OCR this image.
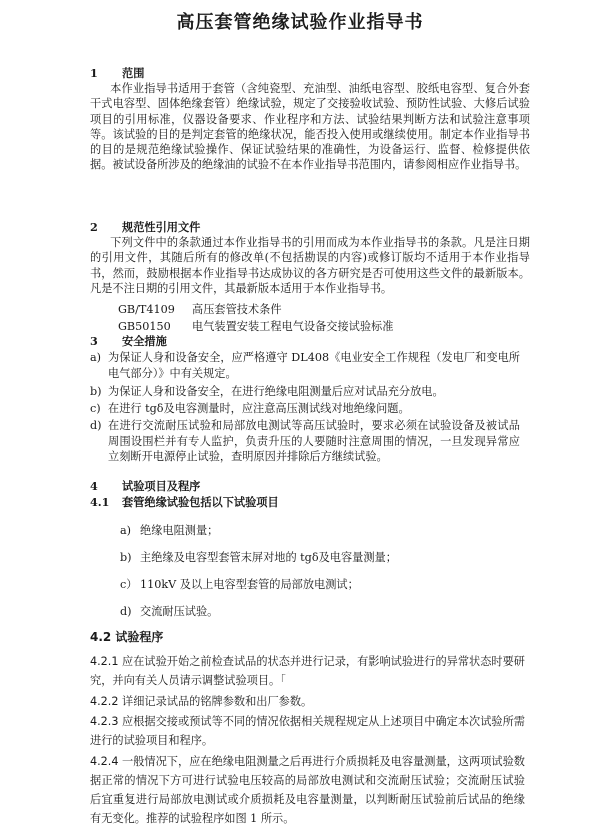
高压套管绝缘试验作业指导书
1 范围
本作业指导书适用于套管（含纯瓷型、充油型、油纸电容型、胶纸电容型、复合外套干式电容型、固体绝缘套管）绝缘试验，规定了交接验收试验、预防性试验、大修后试验项目的引用标准，仪器设备要求、作业程序和方法、试验结果判断方法和试验注意事项等。该试验的目的是判定套管的绝缘状况，能否投入使用或继续使用。制定本作业指导书的目的是规范绝缘试验操作、保证试验结果的准确性，为设备运行、监督、检修提供依据。被试设备所涉及的绝缘油的试验不在本作业指导书范围内，请参阅相应作业指导书。
2 规范性引用文件
下列文件中的条款通过本作业指导书的引用而成为本作业指导书的条款。凡是注日期的引用文件，其随后所有的修改单(不包括勘误的内容)或修订版均不适用于本作业指导书，然而，鼓励根据本作业指导书达成协议的各方研究是否可使用这些文件的最新版本。凡是不注日期的引用文件，其最新版本适用于本作业指导书。
GB/T4109 高压套管技术条件
GB50150 电气装置安装工程电气设备交接试验标准
3 安全措施
a) 为保证人身和设备安全，应严格遵守 DL408《电业安全工作规程（发电厂和变电所电气部分）》中有关规定。
b) 为保证人身和设备安全，在进行绝缘电阻测量后应对试品充分放电。
c) 在进行 tgδ及电容测量时，应注意高压测试线对地绝缘问题。
d) 在进行交流耐压试验和局部放电测试等高压试验时，要求必须在试验设备及被试品周围设围栏并有专人监护，负责升压的人要随时注意周围的情况，一旦发现异常应立刻断开电源停止试验，查明原因并排除后方继续试验。
4 试验项目及程序
4.1 套管绝缘试验包括以下试验项目
a) 绝缘电阻测量；
b) 主绝缘及电容型套管末屏对地的 tgδ及电容量测量；
c） 110kV 及以上电容型套管的局部放电测试；
d) 交流耐压试验。
4.2 试验程序
4.2.1 应在试验开始之前检查试品的状态并进行记录，有影响试验进行的异常状态时要研究，并向有关人员请示调整试验项目。「
4.2.2 详细记录试品的铭牌参数和出厂参数。
4.2.3 应根据交接或预试等不同的情况依据相关规程规定从上述项目中确定本次试验所需进行的试验项目和程序。
4.2.4 一般情况下，应在绝缘电阻测量之后再进行介质损耗及电容量测量，这两项试验数据正常的情况下方可进行试验电压较高的局部放电测试和交流耐压试验；交流耐压试验后宜重复进行局部放电测试或介质损耗及电容量测量，以判断耐压试验前后试品的绝缘有无变化。推荐的试验程序如图 1 所示。
